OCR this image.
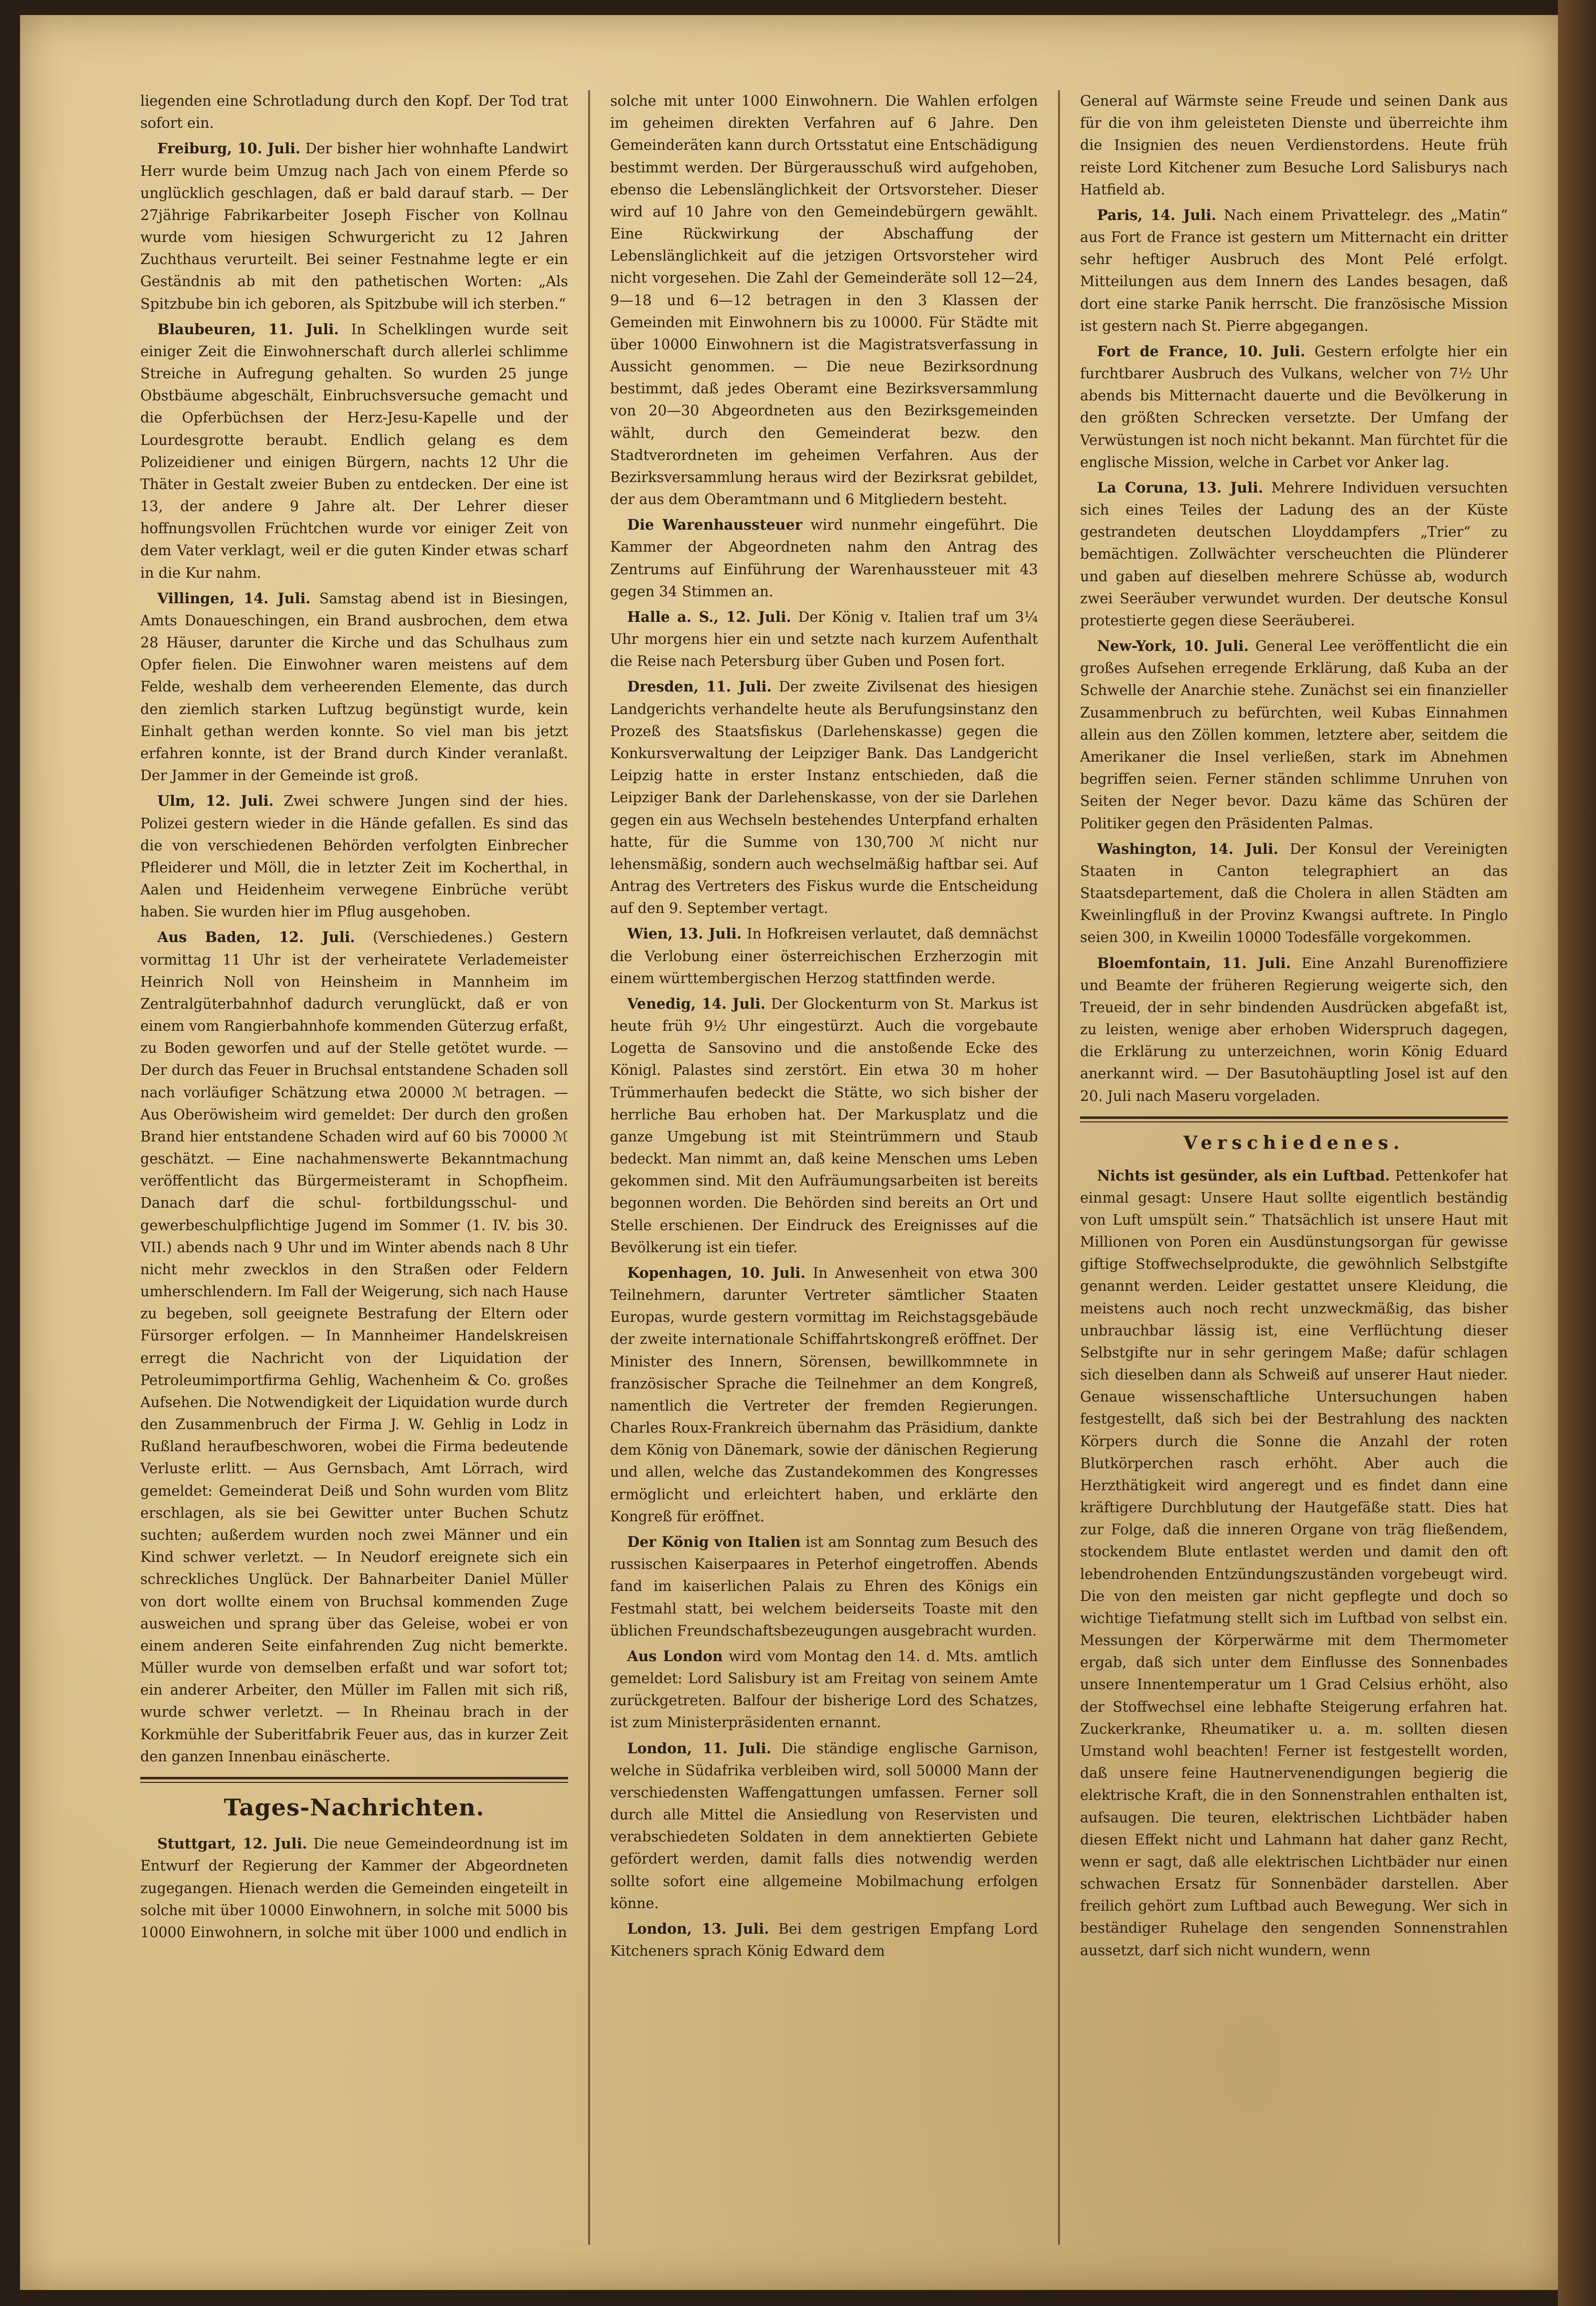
liegenden eine Schrotladung durch den Kopf. Der Tod trat sofort ein.

Freiburg, 10. Juli. Der bisher hier wohnhafte Landwirt Herr wurde beim Umzug nach Jach von einem Pferde so unglücklich geschlagen, daß er bald darauf starb. — Der 27jährige Fabrikarbeiter Joseph Fischer von Kollnau wurde vom hiesigen Schwurgericht zu 12 Jahren Zuchthaus verurteilt. Bei seiner Festnahme legte er ein Geständnis ab mit den pathetischen Worten: „Als Spitzbube bin ich geboren, als Spitzbube will ich sterben.“

Blaubeuren, 11. Juli. In Schelklingen wurde seit einiger Zeit die Einwohnerschaft durch allerlei schlimme Streiche in Aufregung gehalten. So wurden 25 junge Obstbäume abgeschält, Einbruchsversuche gemacht und die Opferbüchsen der Herz-Jesu-Kapelle und der Lourdesgrotte beraubt. Endlich gelang es dem Polizeidiener und einigen Bürgern, nachts 12 Uhr die Thäter in Gestalt zweier Buben zu entdecken. Der eine ist 13, der andere 9 Jahre alt. Der Lehrer dieser hoffnungsvollen Früchtchen wurde vor einiger Zeit von dem Vater verklagt, weil er die guten Kinder etwas scharf in die Kur nahm.

Villingen, 14. Juli. Samstag abend ist in Biesingen, Amts Donaueschingen, ein Brand ausbrochen, dem etwa 28 Häuser, darunter die Kirche und das Schulhaus zum Opfer fielen. Die Einwohner waren meistens auf dem Felde, weshalb dem verheerenden Elemente, das durch den ziemlich starken Luftzug begünstigt wurde, kein Einhalt gethan werden konnte. So viel man bis jetzt erfahren konnte, ist der Brand durch Kinder veranlaßt. Der Jammer in der Gemeinde ist groß.

Ulm, 12. Juli. Zwei schwere Jungen sind der hies. Polizei gestern wieder in die Hände gefallen. Es sind das die von verschiedenen Behörden verfolgten Einbrecher Pfleiderer und Möll, die in letzter Zeit im Kocherthal, in Aalen und Heidenheim verwegene Einbrüche verübt haben. Sie wurden hier im Pflug ausgehoben.

Aus Baden, 12. Juli. (Verschiedenes.) Gestern vormittag 11 Uhr ist der verheiratete Verlademeister Heinrich Noll von Heinsheim in Mannheim im Zentralgüterbahnhof dadurch verunglückt, daß er von einem vom Rangierbahnhofe kommenden Güterzug erfaßt, zu Boden geworfen und auf der Stelle getötet wurde. — Der durch das Feuer in Bruchsal entstandene Schaden soll nach vorläufiger Schätzung etwa 20000 ℳ betragen. — Aus Oberöwisheim wird gemeldet: Der durch den großen Brand hier entstandene Schaden wird auf 60 bis 70000 ℳ geschätzt. — Eine nachahmenswerte Bekanntmachung veröffentlicht das Bürgermeisteramt in Schopfheim. Danach darf die schul- fortbildungsschul- und gewerbeschulpflichtige Jugend im Sommer (1. IV. bis 30. VII.) abends nach 9 Uhr und im Winter abends nach 8 Uhr nicht mehr zwecklos in den Straßen oder Feldern umherschlendern. Im Fall der Weigerung, sich nach Hause zu begeben, soll geeignete Bestrafung der Eltern oder Fürsorger erfolgen. — In Mannheimer Handelskreisen erregt die Nachricht von der Liquidation der Petroleumimportfirma Gehlig, Wachenheim & Co. großes Aufsehen. Die Notwendigkeit der Liquidation wurde durch den Zusammenbruch der Firma J. W. Gehlig in Lodz in Rußland heraufbeschworen, wobei die Firma bedeutende Verluste erlitt. — Aus Gernsbach, Amt Lörrach, wird gemeldet: Gemeinderat Deiß und Sohn wurden vom Blitz erschlagen, als sie bei Gewitter unter Buchen Schutz suchten; außerdem wurden noch zwei Männer und ein Kind schwer verletzt. — In Neudorf ereignete sich ein schreckliches Unglück. Der Bahnarbeiter Daniel Müller von dort wollte einem von Bruchsal kommenden Zuge ausweichen und sprang über das Geleise, wobei er von einem anderen Seite einfahrenden Zug nicht bemerkte. Müller wurde von demselben erfaßt und war sofort tot; ein anderer Arbeiter, den Müller im Fallen mit sich riß, wurde schwer verletzt. — In Rheinau brach in der Korkmühle der Suberitfabrik Feuer aus, das in kurzer Zeit den ganzen Innenbau einäscherte.

Tages-Nachrichten.

Stuttgart, 12. Juli. Die neue Gemeindeordnung ist im Entwurf der Regierung der Kammer der Abgeordneten zugegangen. Hienach werden die Gemeinden eingeteilt in solche mit über 10000 Einwohnern, in solche mit 5000 bis 10000 Einwohnern, in solche mit über 1000 und endlich in

solche mit unter 1000 Einwohnern. Die Wahlen erfolgen im geheimen direkten Verfahren auf 6 Jahre. Den Gemeinderäten kann durch Ortsstatut eine Entschädigung bestimmt werden. Der Bürgerausschuß wird aufgehoben, ebenso die Lebenslänglichkeit der Ortsvorsteher. Dieser wird auf 10 Jahre von den Gemeindebürgern gewählt. Eine Rückwirkung der Abschaffung der Lebenslänglichkeit auf die jetzigen Ortsvorsteher wird nicht vorgesehen. Die Zahl der Gemeinderäte soll 12—24, 9—18 und 6—12 betragen in den 3 Klassen der Gemeinden mit Einwohnern bis zu 10000. Für Städte mit über 10000 Einwohnern ist die Magistratsverfassung in Aussicht genommen. — Die neue Bezirksordnung bestimmt, daß jedes Oberamt eine Bezirksversammlung von 20—30 Abgeordneten aus den Bezirksgemeinden wählt, durch den Gemeinderat bezw. den Stadtverordneten im geheimen Verfahren. Aus der Bezirksversammlung heraus wird der Bezirksrat gebildet, der aus dem Oberamtmann und 6 Mitgliedern besteht.

Die Warenhaussteuer wird nunmehr eingeführt. Die Kammer der Abgeordneten nahm den Antrag des Zentrums auf Einführung der Warenhaussteuer mit 43 gegen 34 Stimmen an.

Halle a. S., 12. Juli. Der König v. Italien traf um 3¼ Uhr morgens hier ein und setzte nach kurzem Aufenthalt die Reise nach Petersburg über Guben und Posen fort.

Dresden, 11. Juli. Der zweite Zivilsenat des hiesigen Landgerichts verhandelte heute als Berufungsinstanz den Prozeß des Staatsfiskus (Darlehenskasse) gegen die Konkursverwaltung der Leipziger Bank. Das Landgericht Leipzig hatte in erster Instanz entschieden, daß die Leipziger Bank der Darlehenskasse, von der sie Darlehen gegen ein aus Wechseln bestehendes Unterpfand erhalten hatte, für die Summe von 130,700 ℳ nicht nur lehensmäßig, sondern auch wechselmäßig haftbar sei. Auf Antrag des Vertreters des Fiskus wurde die Entscheidung auf den 9. September vertagt.

Wien, 13. Juli. In Hofkreisen verlautet, daß demnächst die Verlobung einer österreichischen Erzherzogin mit einem württembergischen Herzog stattfinden werde.

Venedig, 14. Juli. Der Glockenturm von St. Markus ist heute früh 9½ Uhr eingestürzt. Auch die vorgebaute Logetta de Sansovino und die anstoßende Ecke des Königl. Palastes sind zerstört. Ein etwa 30 m hoher Trümmerhaufen bedeckt die Stätte, wo sich bisher der herrliche Bau erhoben hat. Der Markusplatz und die ganze Umgebung ist mit Steintrümmern und Staub bedeckt. Man nimmt an, daß keine Menschen ums Leben gekommen sind. Mit den Aufräumungsarbeiten ist bereits begonnen worden. Die Behörden sind bereits an Ort und Stelle erschienen. Der Eindruck des Ereignisses auf die Bevölkerung ist ein tiefer.

Kopenhagen, 10. Juli. In Anwesenheit von etwa 300 Teilnehmern, darunter Vertreter sämtlicher Staaten Europas, wurde gestern vormittag im Reichstagsgebäude der zweite internationale Schiffahrtskongreß eröffnet. Der Minister des Innern, Sörensen, bewillkommnete in französischer Sprache die Teilnehmer an dem Kongreß, namentlich die Vertreter der fremden Regierungen. Charles Roux-Frankreich übernahm das Präsidium, dankte dem König von Dänemark, sowie der dänischen Regierung und allen, welche das Zustandekommen des Kongresses ermöglicht und erleichtert haben, und erklärte den Kongreß für eröffnet.

Der König von Italien ist am Sonntag zum Besuch des russischen Kaiserpaares in Peterhof eingetroffen. Abends fand im kaiserlichen Palais zu Ehren des Königs ein Festmahl statt, bei welchem beiderseits Toaste mit den üblichen Freundschaftsbezeugungen ausgebracht wurden.

Aus London wird vom Montag den 14. d. Mts. amtlich gemeldet: Lord Salisbury ist am Freitag von seinem Amte zurückgetreten. Balfour der bisherige Lord des Schatzes, ist zum Ministerpräsidenten ernannt.

London, 11. Juli. Die ständige englische Garnison, welche in Südafrika verbleiben wird, soll 50000 Mann der verschiedensten Waffengattungen umfassen. Ferner soll durch alle Mittel die Ansiedlung von Reservisten und verabschiedeten Soldaten in dem annektierten Gebiete gefördert werden, damit falls dies notwendig werden sollte sofort eine allgemeine Mobilmachung erfolgen könne.

London, 13. Juli. Bei dem gestrigen Empfang Lord Kitcheners sprach König Edward dem

General auf Wärmste seine Freude und seinen Dank aus für die von ihm geleisteten Dienste und überreichte ihm die Insignien des neuen Verdienstordens. Heute früh reiste Lord Kitchener zum Besuche Lord Salisburys nach Hatfield ab.

Paris, 14. Juli. Nach einem Privattelegr. des „Matin“ aus Fort de France ist gestern um Mitternacht ein dritter sehr heftiger Ausbruch des Mont Pelé erfolgt. Mitteilungen aus dem Innern des Landes besagen, daß dort eine starke Panik herrscht. Die französische Mission ist gestern nach St. Pierre abgegangen.

Fort de France, 10. Juli. Gestern erfolgte hier ein furchtbarer Ausbruch des Vulkans, welcher von 7½ Uhr abends bis Mitternacht dauerte und die Bevölkerung in den größten Schrecken versetzte. Der Umfang der Verwüstungen ist noch nicht bekannt. Man fürchtet für die englische Mission, welche in Carbet vor Anker lag.

La Coruna, 13. Juli. Mehrere Individuen versuchten sich eines Teiles der Ladung des an der Küste gestrandeten deutschen Lloyddampfers „Trier“ zu bemächtigen. Zollwächter verscheuchten die Plünderer und gaben auf dieselben mehrere Schüsse ab, wodurch zwei Seeräuber verwundet wurden. Der deutsche Konsul protestierte gegen diese Seeräuberei.

New-York, 10. Juli. General Lee veröffentlicht die ein großes Aufsehen erregende Erklärung, daß Kuba an der Schwelle der Anarchie stehe. Zunächst sei ein finanzieller Zusammenbruch zu befürchten, weil Kubas Einnahmen allein aus den Zöllen kommen, letztere aber, seitdem die Amerikaner die Insel verließen, stark im Abnehmen begriffen seien. Ferner ständen schlimme Unruhen von Seiten der Neger bevor. Dazu käme das Schüren der Politiker gegen den Präsidenten Palmas.

Washington, 14. Juli. Der Konsul der Vereinigten Staaten in Canton telegraphiert an das Staatsdepartement, daß die Cholera in allen Städten am Kweinlingfluß in der Provinz Kwangsi auftrete. In Pinglo seien 300, in Kweilin 10000 Todesfälle vorgekommen.

Bloemfontain, 11. Juli. Eine Anzahl Burenoffiziere und Beamte der früheren Regierung weigerte sich, den Treueid, der in sehr bindenden Ausdrücken abgefaßt ist, zu leisten, wenige aber erhoben Widerspruch dagegen, die Erklärung zu unterzeichnen, worin König Eduard anerkannt wird. — Der Basutohäuptling Josel ist auf den 20. Juli nach Maseru vorgeladen.

Verschiedenes.

Nichts ist gesünder, als ein Luftbad. Pettenkofer hat einmal gesagt: Unsere Haut sollte eigentlich beständig von Luft umspült sein.“ Thatsächlich ist unsere Haut mit Millionen von Poren ein Ausdünstungsorgan für gewisse giftige Stoffwechselprodukte, die gewöhnlich Selbstgifte genannt werden. Leider gestattet unsere Kleidung, die meistens auch noch recht unzweckmäßig, das bisher unbrauchbar lässig ist, eine Verflüchtung dieser Selbstgifte nur in sehr geringem Maße; dafür schlagen sich dieselben dann als Schweiß auf unserer Haut nieder. Genaue wissenschaftliche Untersuchungen haben festgestellt, daß sich bei der Bestrahlung des nackten Körpers durch die Sonne die Anzahl der roten Blutkörperchen rasch erhöht. Aber auch die Herzthätigkeit wird angeregt und es findet dann eine kräftigere Durchblutung der Hautgefäße statt. Dies hat zur Folge, daß die inneren Organe von träg fließendem, stockendem Blute entlastet werden und damit den oft lebendrohenden Entzündungszuständen vorgebeugt wird. Die von den meisten gar nicht gepflegte und doch so wichtige Tiefatmung stellt sich im Luftbad von selbst ein. Messungen der Körperwärme mit dem Thermometer ergab, daß sich unter dem Einflusse des Sonnenbades unsere Innentemperatur um 1 Grad Celsius erhöht, also der Stoffwechsel eine lebhafte Steigerung erfahren hat. Zuckerkranke, Rheumatiker u. a. m. sollten diesen Umstand wohl beachten! Ferner ist festgestellt worden, daß unsere feine Hautnervenendigungen begierig die elektrische Kraft, die in den Sonnenstrahlen enthalten ist, aufsaugen. Die teuren, elektrischen Lichtbäder haben diesen Effekt nicht und Lahmann hat daher ganz Recht, wenn er sagt, daß alle elektrischen Lichtbäder nur einen schwachen Ersatz für Sonnenbäder darstellen. Aber freilich gehört zum Luftbad auch Bewegung. Wer sich in beständiger Ruhelage den sengenden Sonnenstrahlen aussetzt, darf sich nicht wundern, wenn
